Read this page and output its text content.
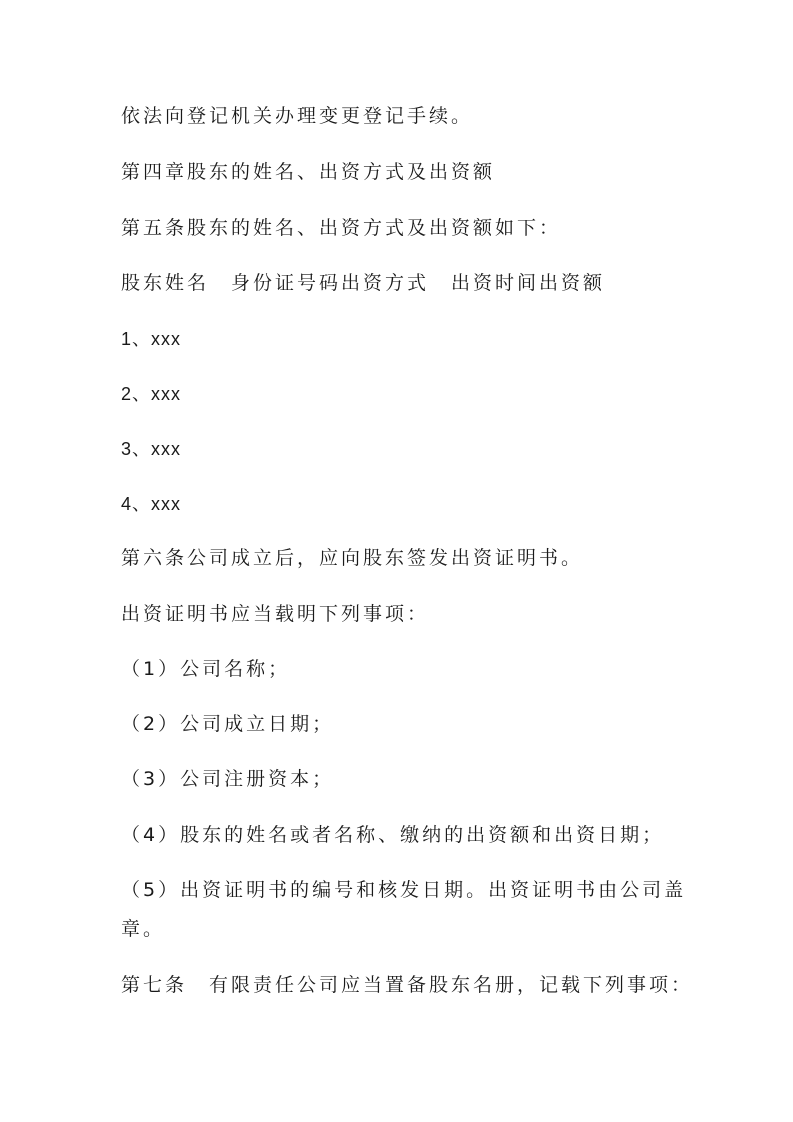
依法向登记机关办理变更登记手续。

第四章股东的姓名、出资方式及出资额

第五条股东的姓名、出资方式及出资额如下：

股东姓名　身份证号码出资方式　出资时间出资额

1、xxx

2、xxx

3、xxx

4、xxx

第六条公司成立后，应向股东签发出资证明书。

出资证明书应当载明下列事项：

（1）公司名称；

（2）公司成立日期；

（3）公司注册资本；

（4）股东的姓名或者名称、缴纳的出资额和出资日期；

（5）出资证明书的编号和核发日期。出资证明书由公司盖

章。

第七条　有限责任公司应当置备股东名册，记载下列事项：
